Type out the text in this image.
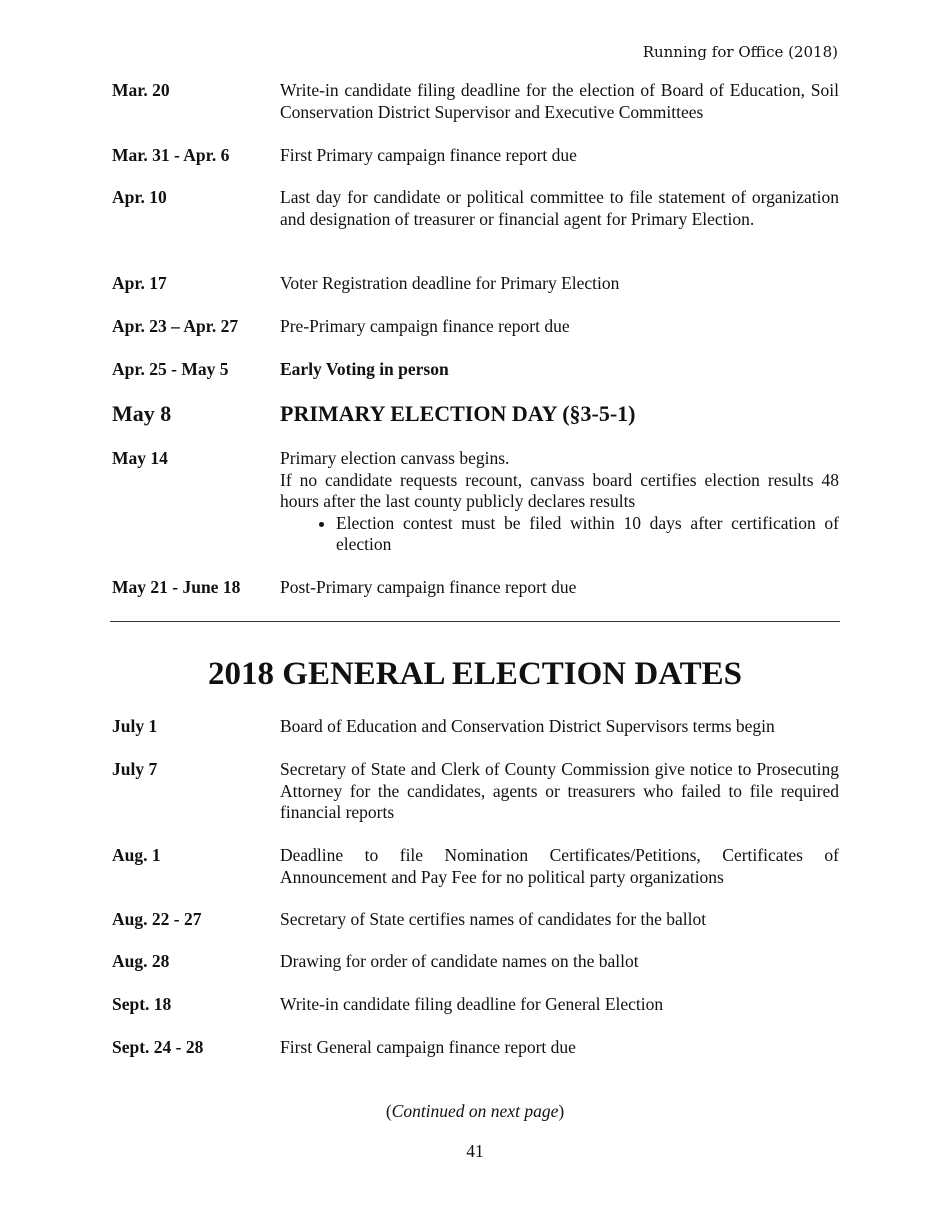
Running for Office (2018)
Mar. 20	Write-in candidate filing deadline for the election of Board of Education, Soil Conservation District Supervisor and Executive Committees
Mar. 31 - Apr. 6	First Primary campaign finance report due
Apr. 10	Last day for candidate or political committee to file statement of organization and designation of treasurer or financial agent for Primary Election.
Apr. 17	Voter Registration deadline for Primary Election
Apr. 23 – Apr. 27	Pre-Primary campaign finance report due
Apr. 25 - May 5	Early Voting in person
May 8	PRIMARY ELECTION DAY (§3-5-1)
May 14	Primary election canvass begins.
If no candidate requests recount, canvass board certifies election results 48 hours after the last county publicly declares results
• Election contest must be filed within 10 days after certification of election
May 21 - June 18	Post-Primary campaign finance report due
2018 GENERAL ELECTION DATES
July 1	Board of Education and Conservation District Supervisors terms begin
July 7	Secretary of State and Clerk of County Commission give notice to Prosecuting Attorney for the candidates, agents or treasurers who failed to file required financial reports
Aug. 1	Deadline to file Nomination Certificates/Petitions, Certificates of Announcement and Pay Fee for no political party organizations
Aug. 22 - 27	Secretary of State certifies names of candidates for the ballot
Aug. 28	Drawing for order of candidate names on the ballot
Sept. 18	Write-in candidate filing deadline for General Election
Sept. 24 - 28	First General campaign finance report due
(Continued on next page)
41
